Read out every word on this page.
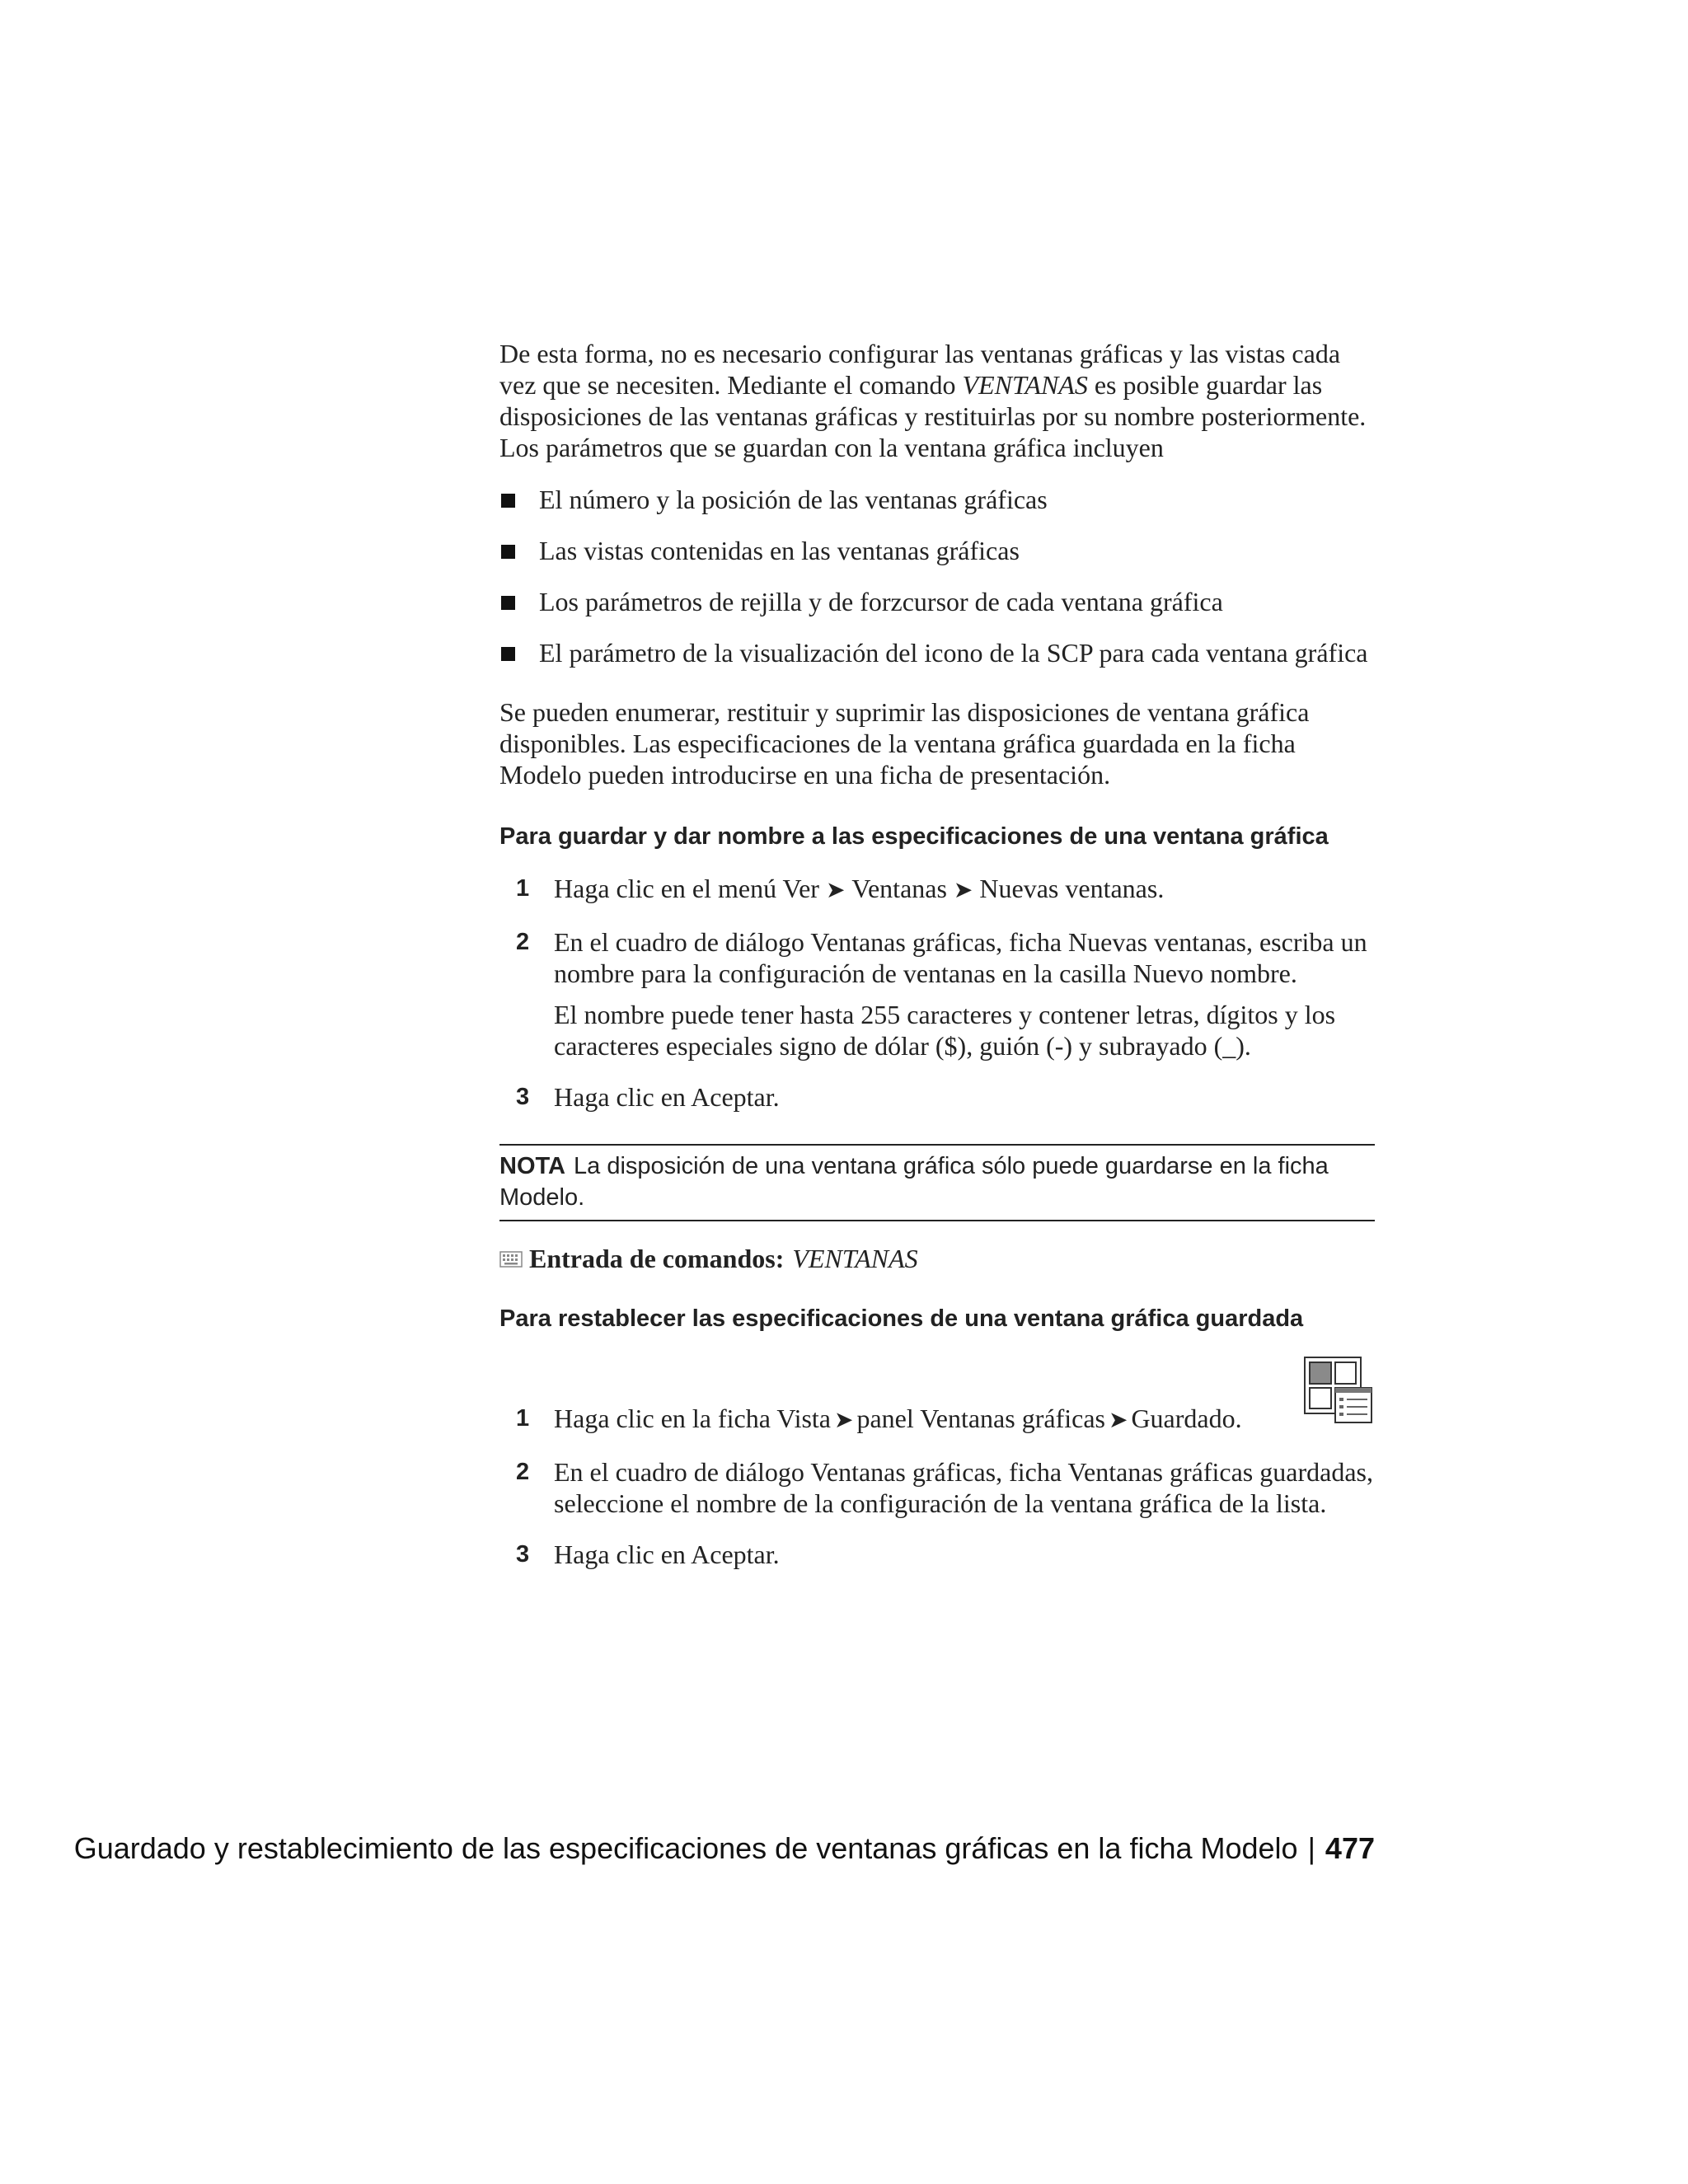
De esta forma, no es necesario configurar las ventanas gráficas y las vistas cada vez que se necesiten. Mediante el comando VENTANAS es posible guardar las disposiciones de las ventanas gráficas y restituirlas por su nombre posteriormente. Los parámetros que se guardan con la ventana gráfica incluyen

El número y la posición de las ventanas gráficas
Las vistas contenidas en las ventanas gráficas
Los parámetros de rejilla y de forzcursor de cada ventana gráfica
El parámetro de la visualización del icono de la SCP para cada ventana gráfica

Se pueden enumerar, restituir y suprimir las disposiciones de ventana gráfica disponibles. Las especificaciones de la ventana gráfica guardada en la ficha Modelo pueden introducirse en una ficha de presentación.

Para guardar y dar nombre a las especificaciones de una ventana gráfica
1 Haga clic en el menú Ver ➤ Ventanas ➤ Nuevas ventanas.
2 En el cuadro de diálogo Ventanas gráficas, ficha Nuevas ventanas, escriba un nombre para la configuración de ventanas en la casilla Nuevo nombre.

El nombre puede tener hasta 255 caracteres y contener letras, dígitos y los caracteres especiales signo de dólar ($), guión (-) y subrayado (_).

3 Haga clic en Aceptar.
NOTA La disposición de una ventana gráfica sólo puede guardarse en la ficha Modelo.
Entrada de comandos: VENTANAS
Para restablecer las especificaciones de una ventana gráfica guardada
1 Haga clic en la ficha Vista ➤ panel Ventanas gráficas ➤ Guardado.
2 En el cuadro de diálogo Ventanas gráficas, ficha Ventanas gráficas guardadas, seleccione el nombre de la configuración de la ventana gráfica de la lista.

3 Haga clic en Aceptar.
Guardado y restablecimiento de las especificaciones de ventanas gráficas en la ficha Modelo | 477
